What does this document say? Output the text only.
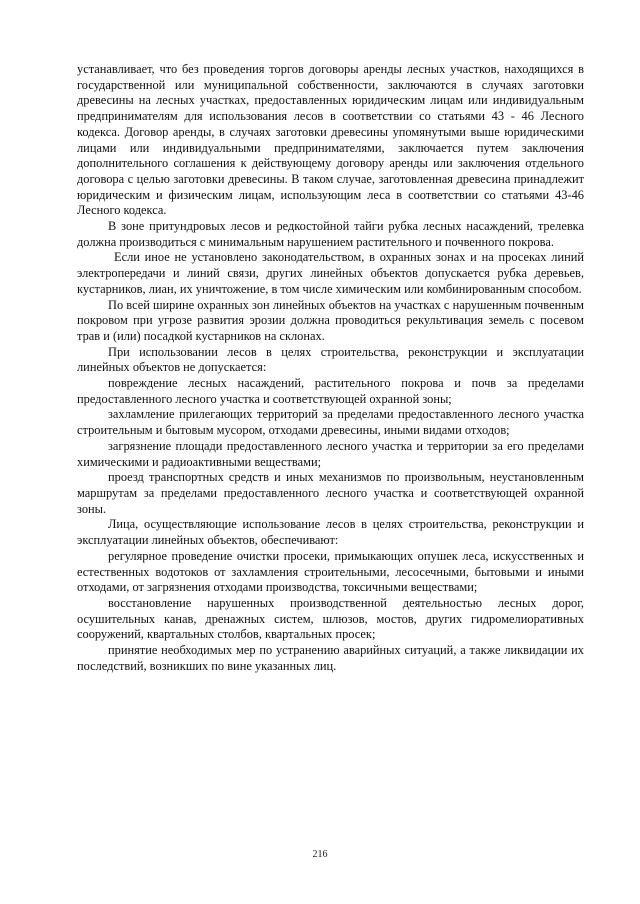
устанавливает, что без проведения торгов договоры аренды лесных участков, находящихся в государственной или муниципальной собственности, заключаются в случаях заготовки древесины на лесных участках, предоставленных юридическим лицам или индивидуальным предпринимателям для использования лесов в соответствии со статьями 43 - 46 Лесного кодекса. Договор аренды, в случаях заготовки древесины упомянутыми выше юридическими лицами или индивидуальными предпринимателями, заключается путем заключения дополнительного соглашения к действующему договору аренды или заключения отдельного договора с целью заготовки древесины. В таком случае, заготовленная древесина принадлежит юридическим и физическим лицам, использующим леса в соответствии со статьями 43-46 Лесного кодекса.

В зоне притундровых лесов и редкостойной тайги рубка лесных насаждений, трелевка должна производиться с минимальным нарушением растительного и почвенного покрова.

Если иное не установлено законодательством, в охранных зонах и на просеках линий электропередачи и линий связи, других линейных объектов допускается рубка деревьев, кустарников, лиан, их уничтожение, в том числе химическим или комбинированным способом.

По всей ширине охранных зон линейных объектов на участках с нарушенным почвенным покровом при угрозе развития эрозии должна проводиться рекультивация земель с посевом трав и (или) посадкой кустарников на склонах.

При использовании лесов в целях строительства, реконструкции и эксплуатации линейных объектов не допускается:

повреждение лесных насаждений, растительного покрова и почв за пределами предоставленного лесного участка и соответствующей охранной зоны;

захламление прилегающих территорий за пределами предоставленного лесного участка строительным и бытовым мусором, отходами древесины, иными видами отходов;

загрязнение площади предоставленного лесного участка и территории за его пределами химическими и радиоактивными веществами;

проезд транспортных средств и иных механизмов по произвольным, неустановленным маршрутам за пределами предоставленного лесного участка и соответствующей охранной зоны.

Лица, осуществляющие использование лесов в целях строительства, реконструкции и эксплуатации линейных объектов, обеспечивают:

регулярное проведение очистки просеки, примыкающих опушек леса, искусственных и естественных водотоков от захламления строительными, лесосечными, бытовыми и иными отходами, от загрязнения отходами производства, токсичными веществами;

восстановление нарушенных производственной деятельностью лесных дорог, осушительных канав, дренажных систем, шлюзов, мостов, других гидромелиоративных сооружений, квартальных столбов, квартальных просек;

принятие необходимых мер по устранению аварийных ситуаций, а также ликвидации их последствий, возникших по вине указанных лиц.

216
